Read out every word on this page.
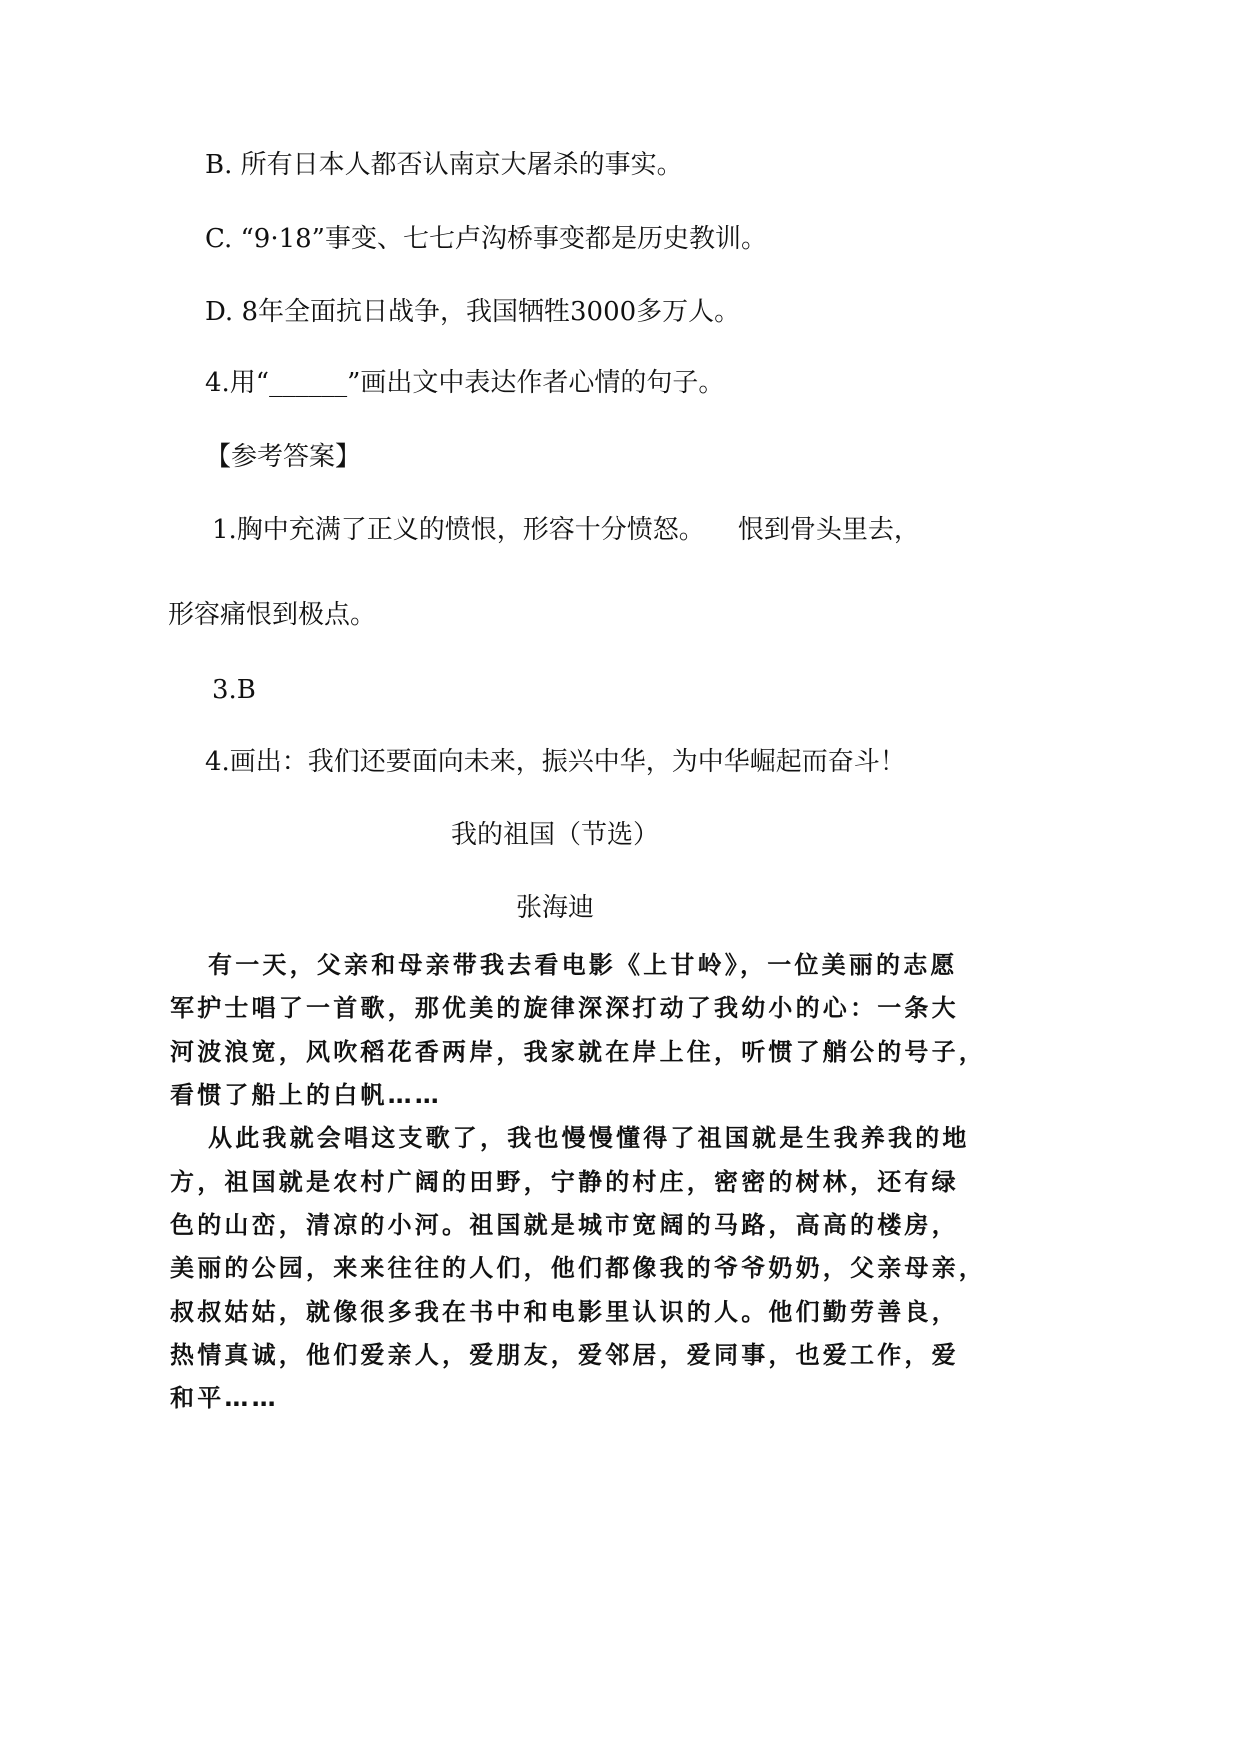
B. 所有日本人都否认南京大屠杀的事实。
C. “9·18”事变、七七卢沟桥事变都是历史教训。
D. 8年全面抗日战争，我国牺牲3000多万人。
4.用“______”画出文中表达作者心情的句子。
【参考答案】
1.胸中充满了正义的愤恨，形容十分愤怒。    恨到骨头里去，
形容痛恨到极点。
3.B
4.画出：我们还要面向未来，振兴中华，为中华崛起而奋斗！
我的祖国（节选）
张海迪
有一天，父亲和母亲带我去看电影《上甘岭》，一位美丽的志愿
军护士唱了一首歌，那优美的旋律深深打动了我幼小的心：一条大
河波浪宽，风吹稻花香两岸，我家就在岸上住，听惯了艄公的号子，
看惯了船上的白帆……
从此我就会唱这支歌了，我也慢慢懂得了祖国就是生我养我的地
方，祖国就是农村广阔的田野，宁静的村庄，密密的树林，还有绿
色的山峦，清凉的小河。祖国就是城市宽阔的马路，高高的楼房，
美丽的公园，来来往往的人们，他们都像我的爷爷奶奶，父亲母亲，
叔叔姑姑，就像很多我在书中和电影里认识的人。他们勤劳善良，
热情真诚，他们爱亲人，爱朋友，爱邻居，爱同事，也爱工作，爱
和平……
